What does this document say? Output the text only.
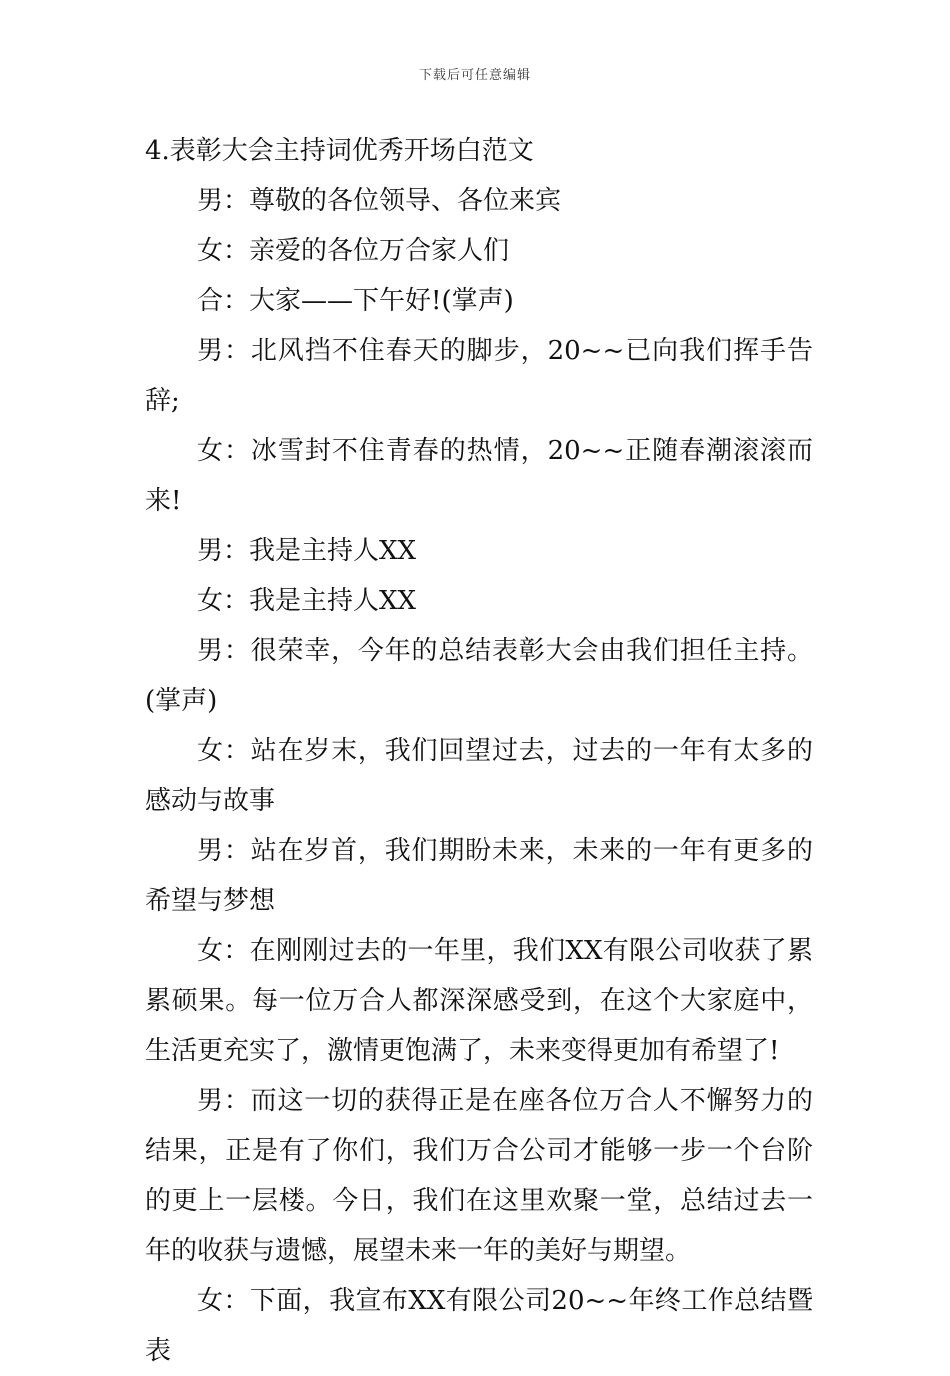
下载后可任意编辑

4.表彰大会主持词优秀开场白范文

男：尊敬的各位领导、各位来宾

女：亲爱的各位万合家人们

合：大家——下午好!(掌声)

男：北风挡不住春天的脚步，20~~已向我们挥手告辞;

女：冰雪封不住青春的热情，20~~正随春潮滚滚而来!

男：我是主持人XX

女：我是主持人XX

男：很荣幸，今年的总结表彰大会由我们担任主持。(掌声)

女：站在岁末，我们回望过去，过去的一年有太多的感动与故事

男：站在岁首，我们期盼未来，未来的一年有更多的希望与梦想

女：在刚刚过去的一年里，我们XX有限公司收获了累累硕果。每一位万合人都深深感受到，在这个大家庭中，生活更充实了，激情更饱满了，未来变得更加有希望了!

男：而这一切的获得正是在座各位万合人不懈努力的结果，正是有了你们，我们万合公司才能够一步一个台阶的更上一层楼。今日，我们在这里欢聚一堂，总结过去一年的收获与遗憾，展望未来一年的美好与期望。

女：下面，我宣布XX有限公司20~~年终工作总结暨表
